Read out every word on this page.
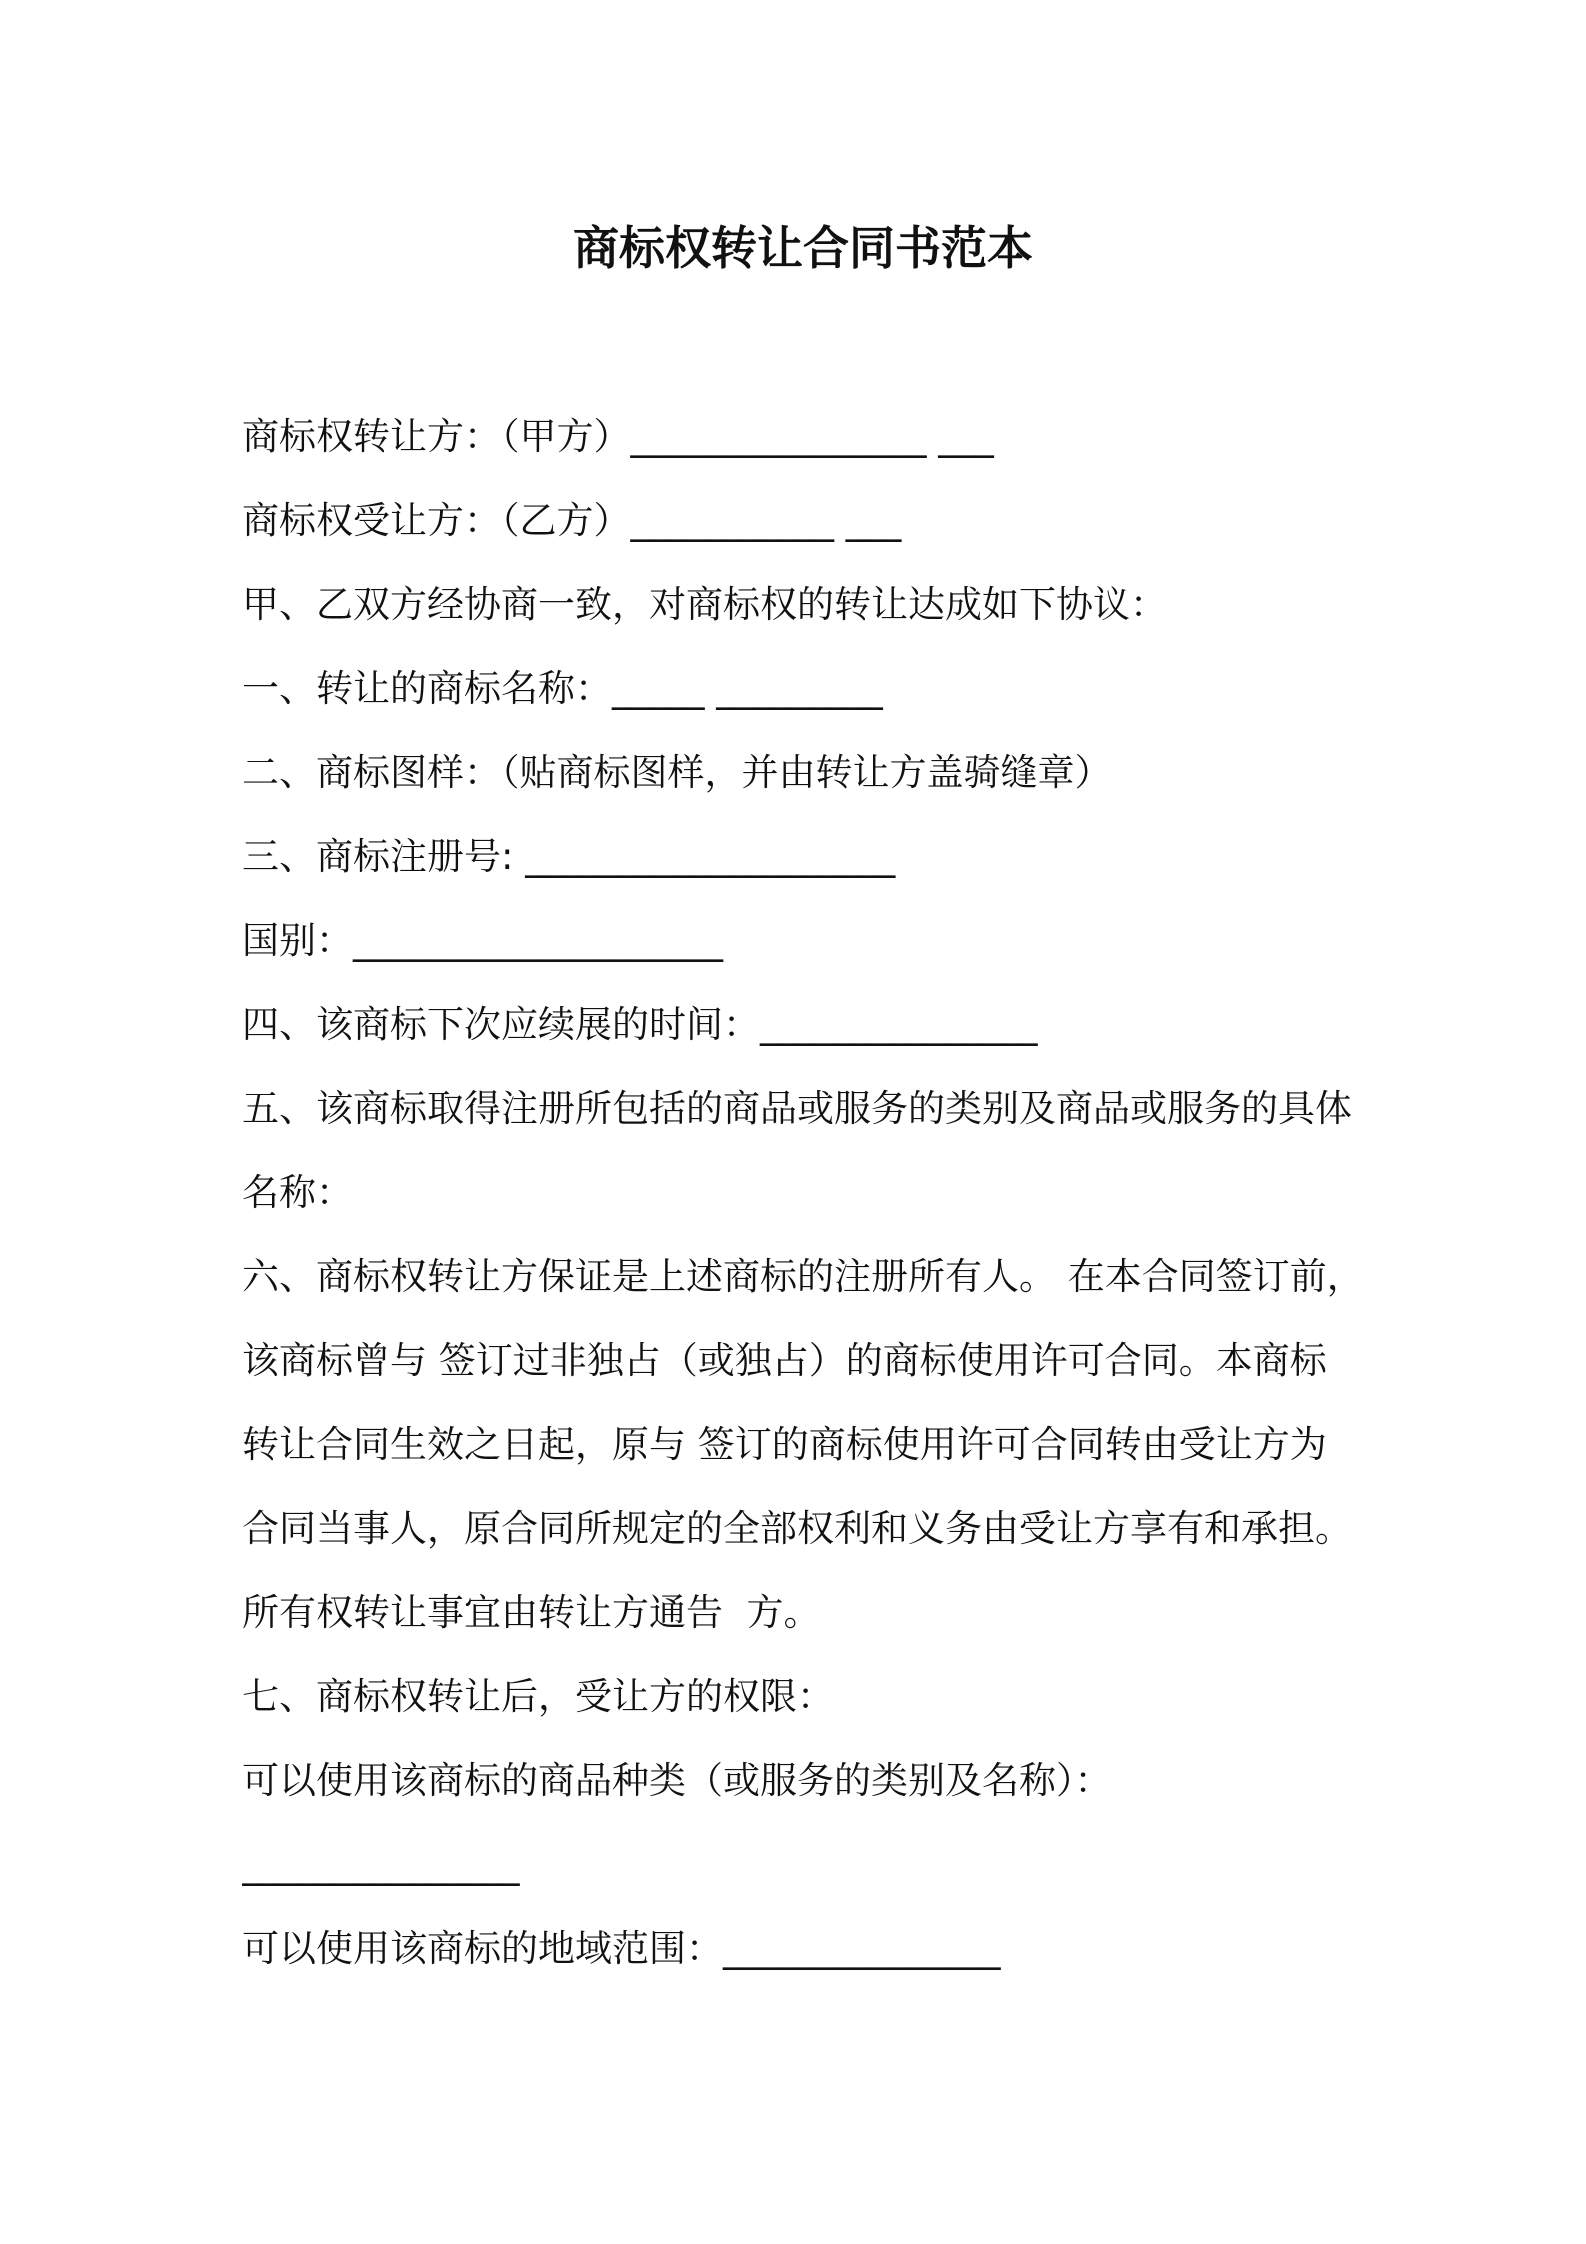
商标权转让合同书范本
商标权转让方：（甲方）________________ ___
商标权受让方：（乙方）___________ ___
甲、乙双方经协商一致，对商标权的转让达成如下协议：
一、转让的商标名称：_____ _________
二、商标图样：（贴商标图样，并由转让方盖骑缝章）
三、商标注册号: ____________________
国别：____________________
四、该商标下次应续展的时间：_______________
五、该商标取得注册所包括的商品或服务的类别及商品或服务的具体
名称：
六、商标权转让方保证是上述商标的注册所有人。 在本合同签订前，
该商标曾与 签订过非独占（或独占）的商标使用许可合同。本商标
转让合同生效之日起，原与 签订的商标使用许可合同转由受让方为
合同当事人，原合同所规定的全部权利和义务由受让方享有和承担。
所有权转让事宜由转让方通告  方。
七、商标权转让后，受让方的权限：
可以使用该商标的商品种类（或服务的类别及名称）：
_______________
可以使用该商标的地域范围：_______________
